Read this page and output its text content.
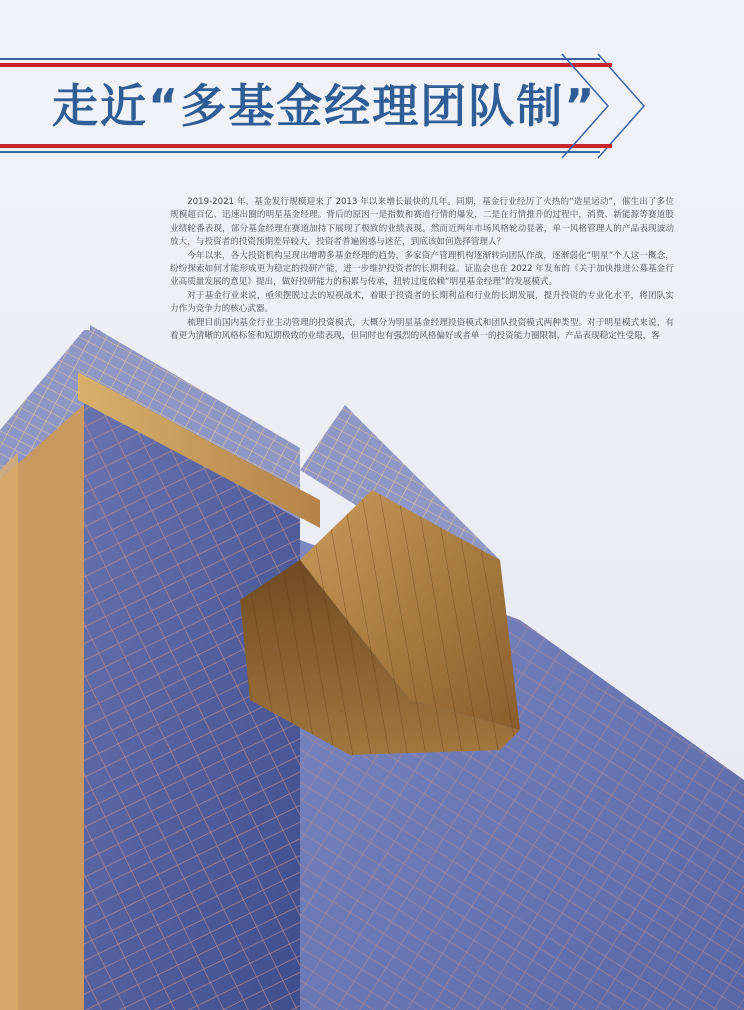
走近“多基金经理团队制”

2019-2021 年，基金发行规模迎来了 2013 年以来增长最快的几年。同期，基金行业经历了火热的“造星运动”，催生出了多位规模超百亿、迅速出圈的明星基金经理。背后的原因一是指数和赛道行情的爆发，二是在行情推升的过程中，消费、新能源等赛道股业绩轮番表现，部分基金经理在赛道加持下展现了极致的业绩表现。然而近两年市场风格轮动显著，单一风格管理人的产品表现波动放大，与投资者的投资预期差异较大。投资者普遍困惑与迷茫，到底该如何选择管理人？

今年以来，各大投资机构呈现出增聘多基金经理的趋势，多家资产管理机构逐渐转向团队作战，逐渐弱化“明星”个人这一概念，纷纷探索如何才能形成更为稳定的投研产能，进一步维护投资者的长期利益。证监会也在 2022 年发布的《关于加快推进公募基金行业高质量发展的意见》提出，做好投研能力的积累与传承，扭转过度依赖“明星基金经理”的发展模式。

对于基金行业来说，亟须摆脱过去的短视战术，着眼于投资者的长期利益和行业的长期发展，提升投资的专业化水平，将团队实力作为竞争力的核心武器。

梳理目前国内基金行业主动管理的投资模式，大概分为明星基金经理投资模式和团队投资模式两种类型。对于明星模式来说，有着更为清晰的风格标签和短期极致的业绩表现，但同时也有强烈的风格偏好或者单一的投资能力圈限制，产品表现稳定性受限，客
